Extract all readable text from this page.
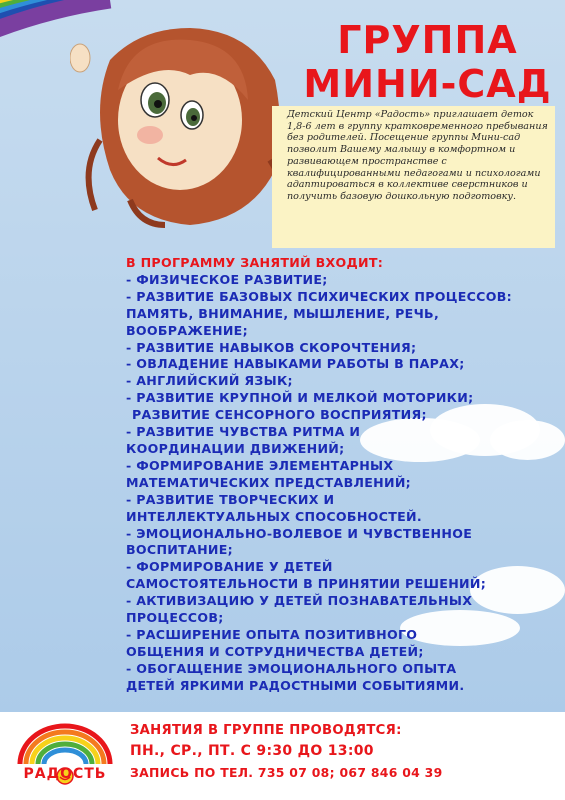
ГРУППА
МИНИ-САД
Детский Центр «Радость» приглашает деток 1,8-6 лет в группу кратковременного пребывания без родителей. Посещение группы Мини-сад позволит Вашему малышу в комфортном и развивающем пространстве с квалифицированными педагогами и психологами адаптироваться в коллективе сверстников и получить базовую дошкольную подготовку.
В ПРОГРАММУ ЗАНЯТИЙ ВХОДИТ:
- ФИЗИЧЕСКОЕ РАЗВИТИЕ;
- РАЗВИТИЕ БАЗОВЫХ ПСИХИЧЕСКИХ ПРОЦЕССОВ:
ПАМЯТЬ, ВНИМАНИЕ, МЫШЛЕНИЕ, РЕЧЬ,
ВООБРАЖЕНИЕ;
- РАЗВИТИЕ НАВЫКОВ СКОРОЧТЕНИЯ;
- ОВЛАДЕНИЕ НАВЫКАМИ РАБОТЫ В ПАРАХ;
- АНГЛИЙСКИЙ ЯЗЫК;
- РАЗВИТИЕ КРУПНОЙ И МЕЛКОЙ МОТОРИКИ;
РАЗВИТИЕ СЕНСОРНОГО ВОСПРИЯТИЯ;
- РАЗВИТИЕ ЧУВСТВА РИТМА И
КООРДИНАЦИИ ДВИЖЕНИЙ;
- ФОРМИРОВАНИЕ ЭЛЕМЕНТАРНЫХ
МАТЕМАТИЧЕСКИХ ПРЕДСТАВЛЕНИЙ;
- РАЗВИТИЕ ТВОРЧЕСКИХ И
ИНТЕЛЛЕКТУАЛЬНЫХ СПОСОБНОСТЕЙ.
- ЭМОЦИОНАЛЬНО-ВОЛЕВОЕ И ЧУВСТВЕННОЕ
ВОСПИТАНИЕ;
- ФОРМИРОВАНИЕ У ДЕТЕЙ
САМОСТОЯТЕЛЬНОСТИ В ПРИНЯТИИ РЕШЕНИЙ;
- АКТИВИЗАЦИЮ У ДЕТЕЙ ПОЗНАВАТЕЛЬНЫХ
ПРОЦЕССОВ;
- РАСШИРЕНИЕ ОПЫТА ПОЗИТИВНОГО
ОБЩЕНИЯ И СОТРУДНИЧЕСТВА ДЕТЕЙ;
- ОБОГАЩЕНИЕ ЭМОЦИОНАЛЬНОГО ОПЫТА
ДЕТЕЙ ЯРКИМИ РАДОСТНЫМИ СОБЫТИЯМИ.
РАДОСТЬ
ЗАНЯТИЯ В ГРУППЕ ПРОВОДЯТСЯ:
ПН., СР., ПТ. С 9:30 ДО 13:00
ЗАПИСЬ ПО ТЕЛ. 735 07 08; 067 846 04 39
